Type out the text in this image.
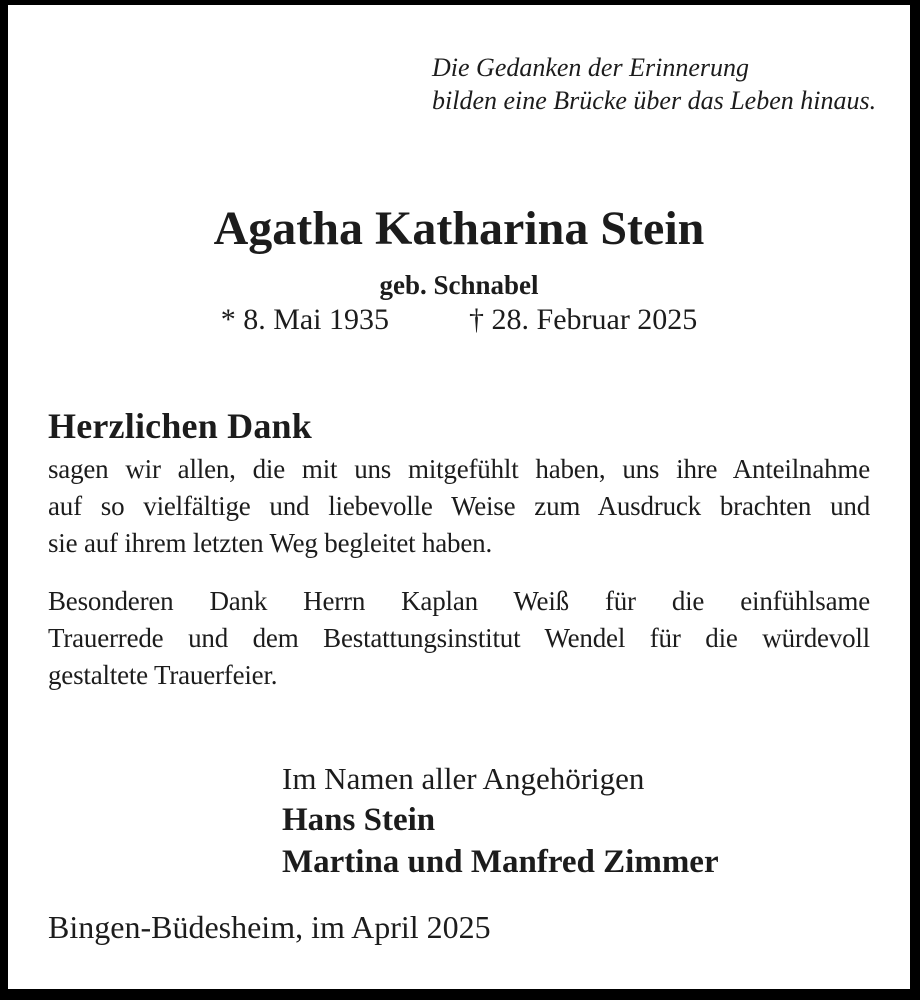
Die Gedanken der Erinnerung
bilden eine Brücke über das Leben hinaus.
Agatha Katharina Stein
geb. Schnabel
* 8. Mai 1935	† 28. Februar 2025
Herzlichen Dank
sagen wir allen, die mit uns mitgefühlt haben, uns ihre Anteilnahme
auf so vielfältige und liebevolle Weise zum Ausdruck brachten und
sie auf ihrem letzten Weg begleitet haben.
Besonderen Dank Herrn Kaplan Weiß für die einfühlsame
Trauerrede und dem Bestattungsinstitut Wendel für die würdevoll
gestaltete Trauerfeier.
Im Namen aller Angehörigen
Hans Stein
Martina und Manfred Zimmer
Bingen-Büdesheim, im April 2025
